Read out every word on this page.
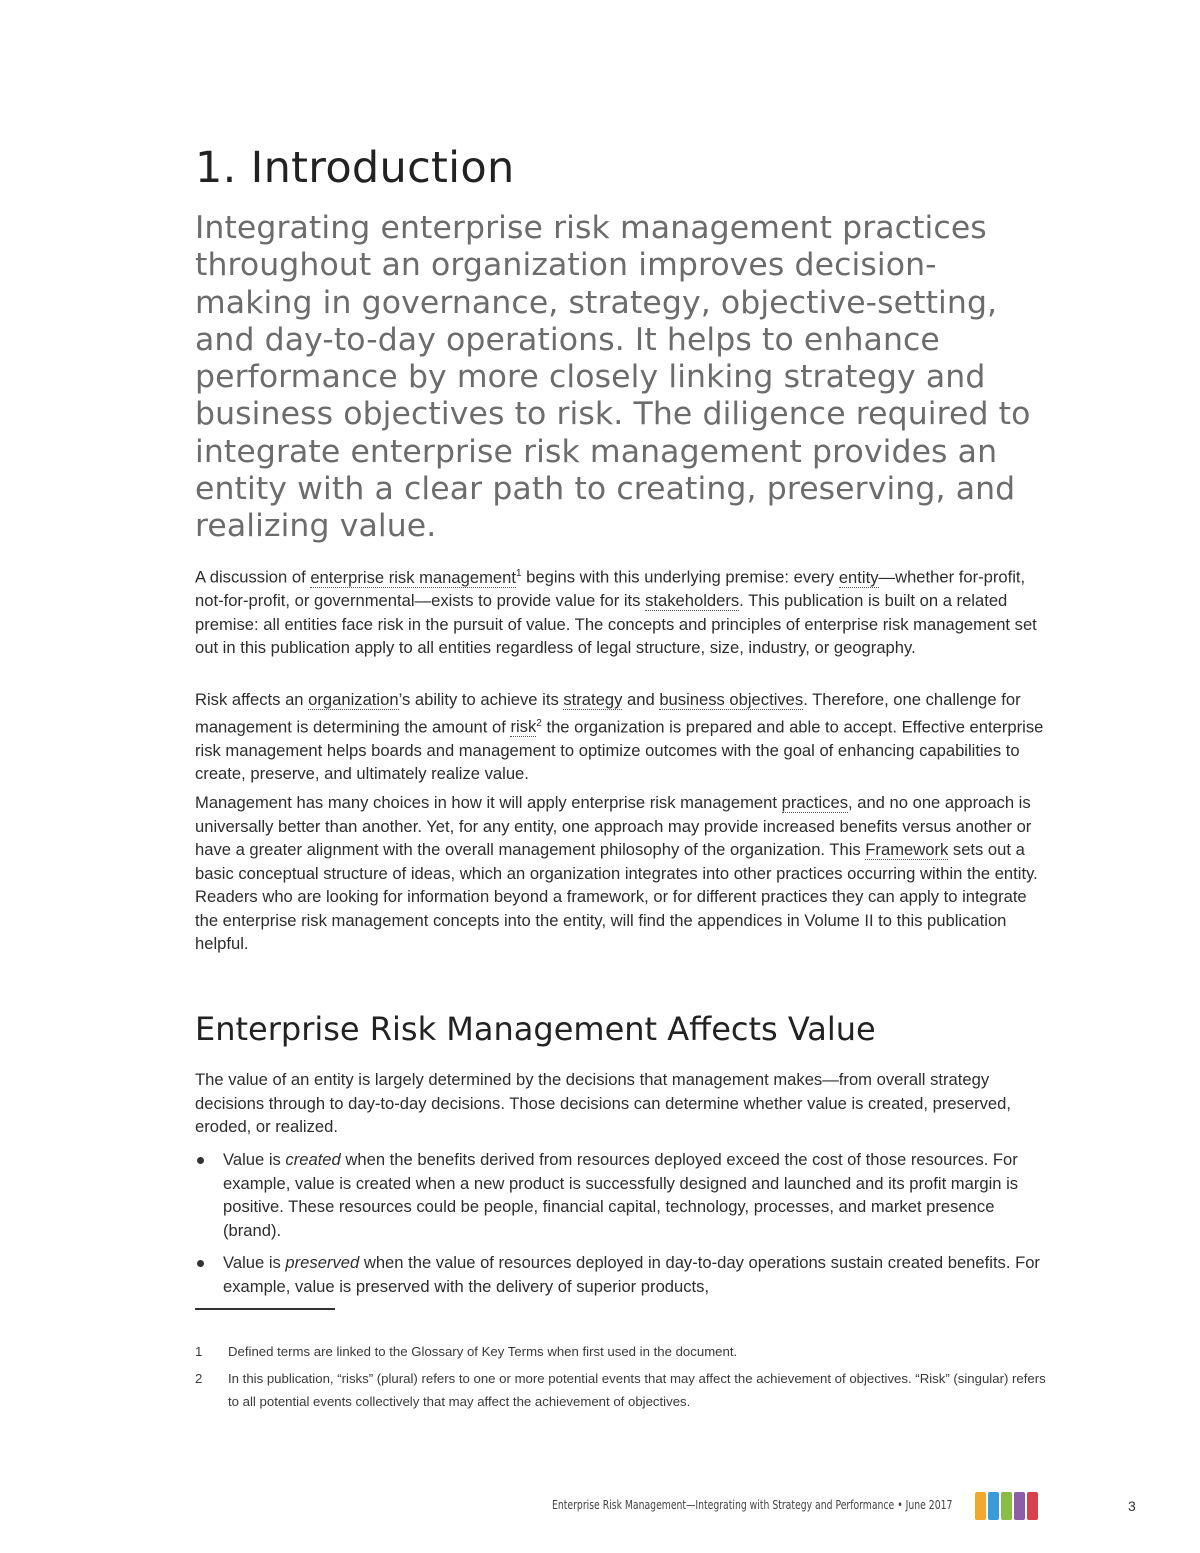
1. Introduction

Integrating enterprise risk management practices throughout an organization improves decision-making in governance, strategy, objective-setting, and day-to-day operations. It helps to enhance performance by more closely linking strategy and business objectives to risk. The diligence required to integrate enterprise risk management provides an entity with a clear path to creating, preserving, and realizing value.

A discussion of enterprise risk management$^1$ begins with this underlying premise: every entity—whether for-profit, not-for-profit, or governmental—exists to provide value for its stakeholders. This publication is built on a related premise: all entities face risk in the pursuit of value. The concepts and principles of enterprise risk management set out in this publication apply to all entities regardless of legal structure, size, industry, or geography.

Risk affects an organization’s ability to achieve its strategy and business objectives. Therefore, one challenge for management is determining the amount of risk$^2$ the organization is prepared and able to accept. Effective enterprise risk management helps boards and management to optimize outcomes with the goal of enhancing capabilities to create, preserve, and ultimately realize value.

Management has many choices in how it will apply enterprise risk management practices, and no one approach is universally better than another. Yet, for any entity, one approach may provide increased benefits versus another or have a greater alignment with the overall management philosophy of the organization. This Framework sets out a basic conceptual structure of ideas, which an organization integrates into other practices occurring within the entity. Readers who are looking for information beyond a framework, or for different practices they can apply to integrate the enterprise risk management concepts into the entity, will find the appendices in Volume II to this publication helpful.

Enterprise Risk Management Affects Value

The value of an entity is largely determined by the decisions that management makes—from overall strategy decisions through to day-to-day decisions. Those decisions can determine whether value is created, preserved, eroded, or realized.

Value is created when the benefits derived from resources deployed exceed the cost of those resources. For example, value is created when a new product is successfully designed and launched and its profit margin is positive. These resources could be people, financial capital, technology, processes, and market presence (brand).
Value is preserved when the value of resources deployed in day-to-day operations sustain created benefits. For example, value is preserved with the delivery of superior products,
1 Defined terms are linked to the Glossary of Key Terms when first used in the document.
2 In this publication, “risks” (plural) refers to one or more potential events that may affect the achievement of objectives. “Risk” (singular) refers to all potential events collectively that may affect the achievement of objectives.
Enterprise Risk Management—Integrating with Strategy and Performance • June 2017	3
